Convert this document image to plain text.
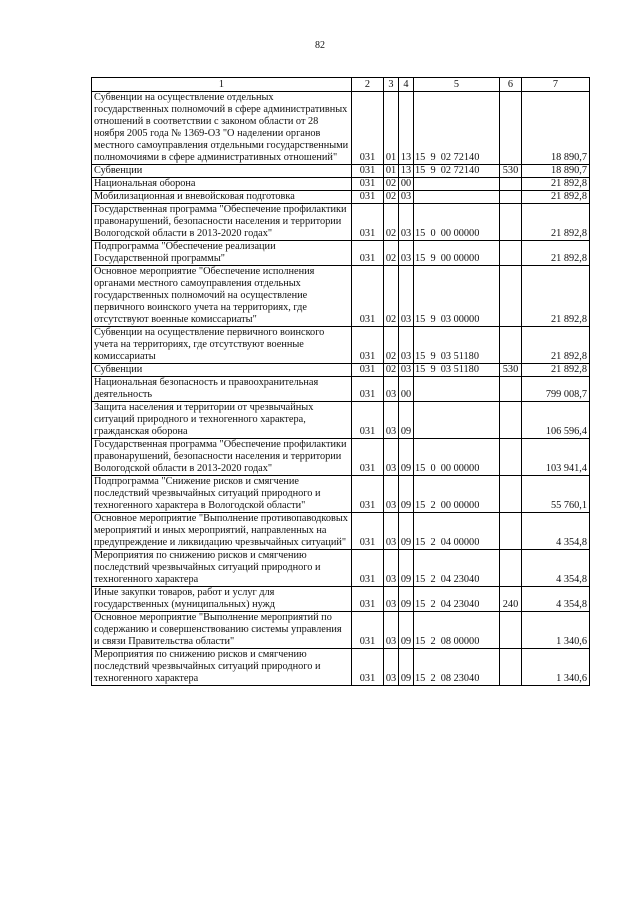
82
1	2	3	4	5	6	7
Субвенции на осуществление отдельных государственных полномочий в сфере административных отношений в соответствии с законом области от 28 ноября 2005 года № 1369-ОЗ "О наделении органов местного самоуправления отдельными государственными полномочиями в сфере административных отношений"	031	01	13	15  9  02 72140		18 890,7
Субвенции	031	01	13	15  9  02 72140	530	18 890,7
Национальная оборона	031	02	00			21 892,8
Мобилизационная и вневойсковая подготовка	031	02	03			21 892,8
Государственная программа "Обеспечение профилактики правонарушений, безопасности населения и территории Вологодской области в 2013-2020 годах"	031	02	03	15  0  00 00000		21 892,8
Подпрограмма "Обеспечение реализации Государственной программы"	031	02	03	15  9  00 00000		21 892,8
Основное мероприятие "Обеспечение исполнения органами местного самоуправления отдельных государственных полномочий на осуществление первичного воинского учета на территориях, где отсутствуют военные комиссариаты"	031	02	03	15  9  03 00000		21 892,8
Субвенции на осуществление первичного воинского учета на территориях, где отсутствуют военные комиссариаты	031	02	03	15  9  03 51180		21 892,8
Субвенции	031	02	03	15  9  03 51180	530	21 892,8
Национальная безопасность и правоохранительная деятельность	031	03	00			799 008,7
Защита населения и территории от чрезвычайных ситуаций природного и техногенного характера, гражданская оборона	031	03	09			106 596,4
Государственная программа "Обеспечение профилактики правонарушений, безопасности населения и территории Вологодской области в 2013-2020 годах"	031	03	09	15  0  00 00000		103 941,4
Подпрограмма "Снижение рисков и смягчение последствий чрезвычайных ситуаций природного и техногенного характера в Вологодской области"	031	03	09	15  2  00 00000		55 760,1
Основное мероприятие "Выполнение противопаводковых мероприятий и иных мероприятий, направленных на предупреждение и ликвидацию чрезвычайных ситуаций"	031	03	09	15  2  04 00000		4 354,8
Мероприятия по снижению рисков и смягчению последствий чрезвычайных ситуаций природного и техногенного характера	031	03	09	15  2  04 23040		4 354,8
Иные закупки товаров, работ и услуг для государственных (муниципальных) нужд	031	03	09	15  2  04 23040	240	4 354,8
Основное мероприятие "Выполнение мероприятий по содержанию и совершенствованию системы управления и связи Правительства области"	031	03	09	15  2  08 00000		1 340,6
Мероприятия по снижению рисков и смягчению последствий чрезвычайных ситуаций природного и техногенного характера	031	03	09	15  2  08 23040		1 340,6
